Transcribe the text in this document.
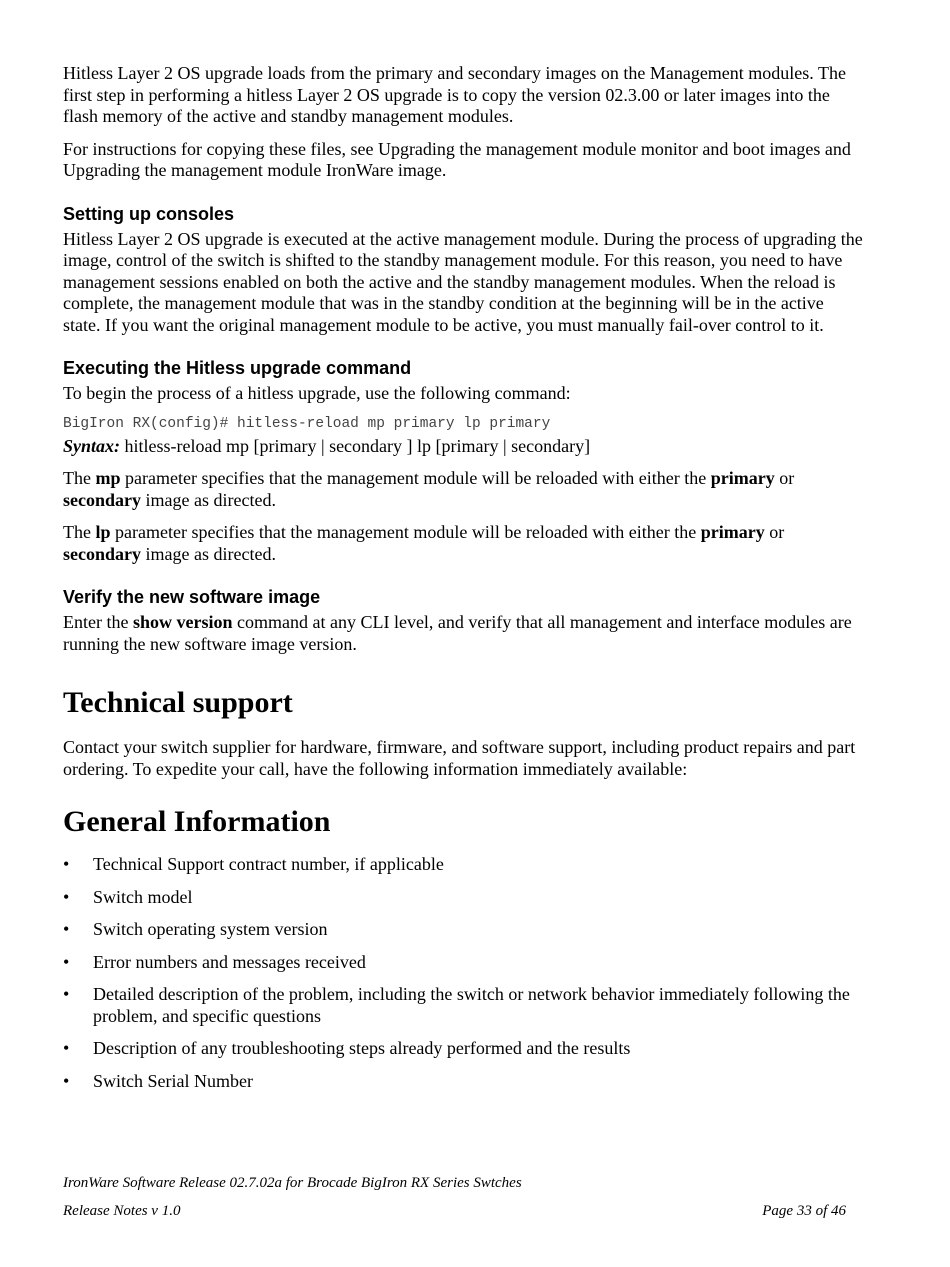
Hitless Layer 2 OS upgrade loads from the primary and secondary images on the Management modules. The first step in performing a hitless Layer 2 OS upgrade is to copy the version 02.3.00 or later images into the flash memory of the active and standby management modules.

For instructions for copying these files, see Upgrading the management module monitor and boot images and Upgrading the management module IronWare image.

Setting up consoles

Hitless Layer 2 OS upgrade is executed at the active management module. During the process of upgrading the image, control of the switch is shifted to the standby management module. For this reason, you need to have management sessions enabled on both the active and the standby management modules. When the reload is complete, the management module that was in the standby condition at the beginning will be in the active state. If you want the original management module to be active, you must manually fail-over control to it.

Executing the Hitless upgrade command

To begin the process of a hitless upgrade, use the following command:

BigIron RX(config)# hitless-reload mp primary lp primary

Syntax: hitless-reload mp [primary | secondary ] lp [primary | secondary]

The mp parameter specifies that the management module will be reloaded with either the primary or secondary image as directed.

The lp parameter specifies that the management module will be reloaded with either the primary or secondary image as directed.

Verify the new software image

Enter the show version command at any CLI level, and verify that all management and interface modules are running the new software image version.

Technical support

Contact your switch supplier for hardware, firmware, and software support, including product repairs and part ordering. To expedite your call, have the following information immediately available:

General Information
• Technical Support contract number, if applicable
• Switch model
• Switch operating system version
• Error numbers and messages received
• Detailed description of the problem, including the switch or network behavior immediately following the problem, and specific questions
• Description of any troubleshooting steps already performed and the results
• Switch Serial Number
IronWare Software Release 02.7.02a for Brocade BigIron RX Series Swtches
Release Notes v 1.0	Page 33 of 46
